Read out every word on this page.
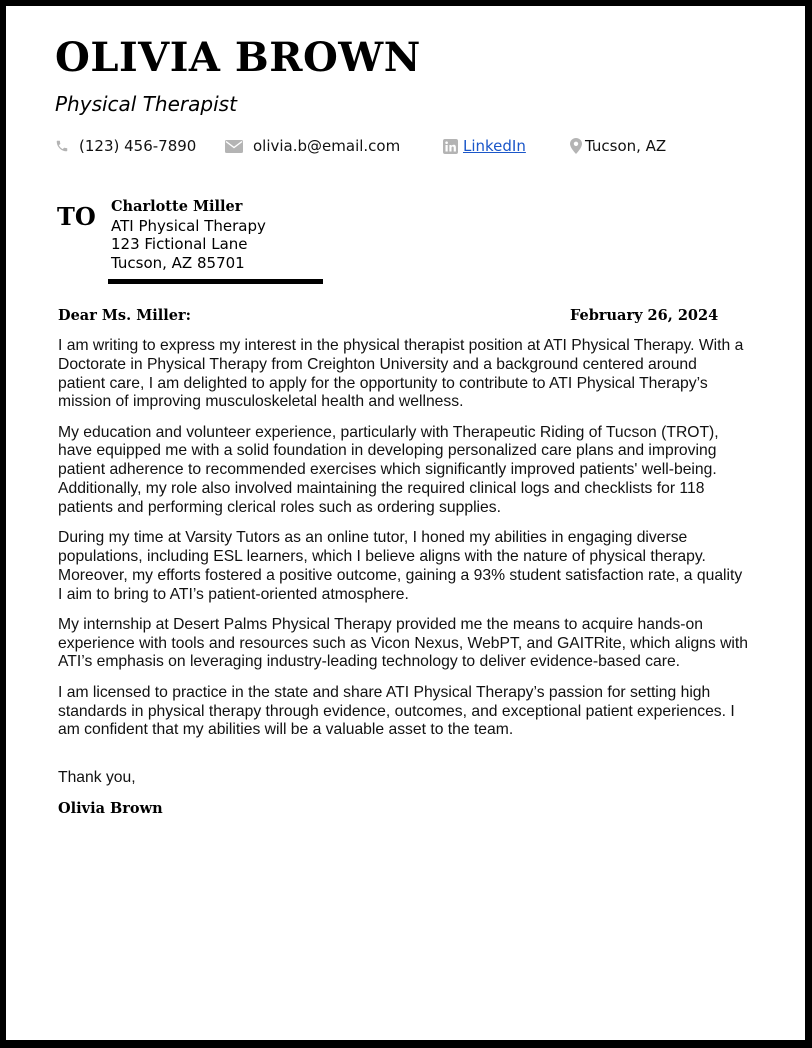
OLIVIA BROWN
Physical Therapist
(123) 456-7890	olivia.b@email.com	LinkedIn	Tucson, AZ
TO Charlotte Miller
ATI Physical Therapy
123 Fictional Lane
Tucson, AZ 85701
Dear Ms. Miller:	February 26, 2024

I am writing to express my interest in the physical therapist position at ATI Physical Therapy. With a Doctorate in Physical Therapy from Creighton University and a background centered around patient care, I am delighted to apply for the opportunity to contribute to ATI Physical Therapy’s mission of improving musculoskeletal health and wellness.

My education and volunteer experience, particularly with Therapeutic Riding of Tucson (TROT), have equipped me with a solid foundation in developing personalized care plans and improving patient adherence to recommended exercises which significantly improved patients' well-being. Additionally, my role also involved maintaining the required clinical logs and checklists for 118 patients and performing clerical roles such as ordering supplies.

During my time at Varsity Tutors as an online tutor, I honed my abilities in engaging diverse populations, including ESL learners, which I believe aligns with the nature of physical therapy. Moreover, my efforts fostered a positive outcome, gaining a 93% student satisfaction rate, a quality I aim to bring to ATI’s patient-oriented atmosphere.

My internship at Desert Palms Physical Therapy provided me the means to acquire hands-on experience with tools and resources such as Vicon Nexus, WebPT, and GAITRite, which aligns with ATI’s emphasis on leveraging industry-leading technology to deliver evidence-based care.

I am licensed to practice in the state and share ATI Physical Therapy’s passion for setting high standards in physical therapy through evidence, outcomes, and exceptional patient experiences. I am confident that my abilities will be a valuable asset to the team.

Thank you,
Olivia Brown
